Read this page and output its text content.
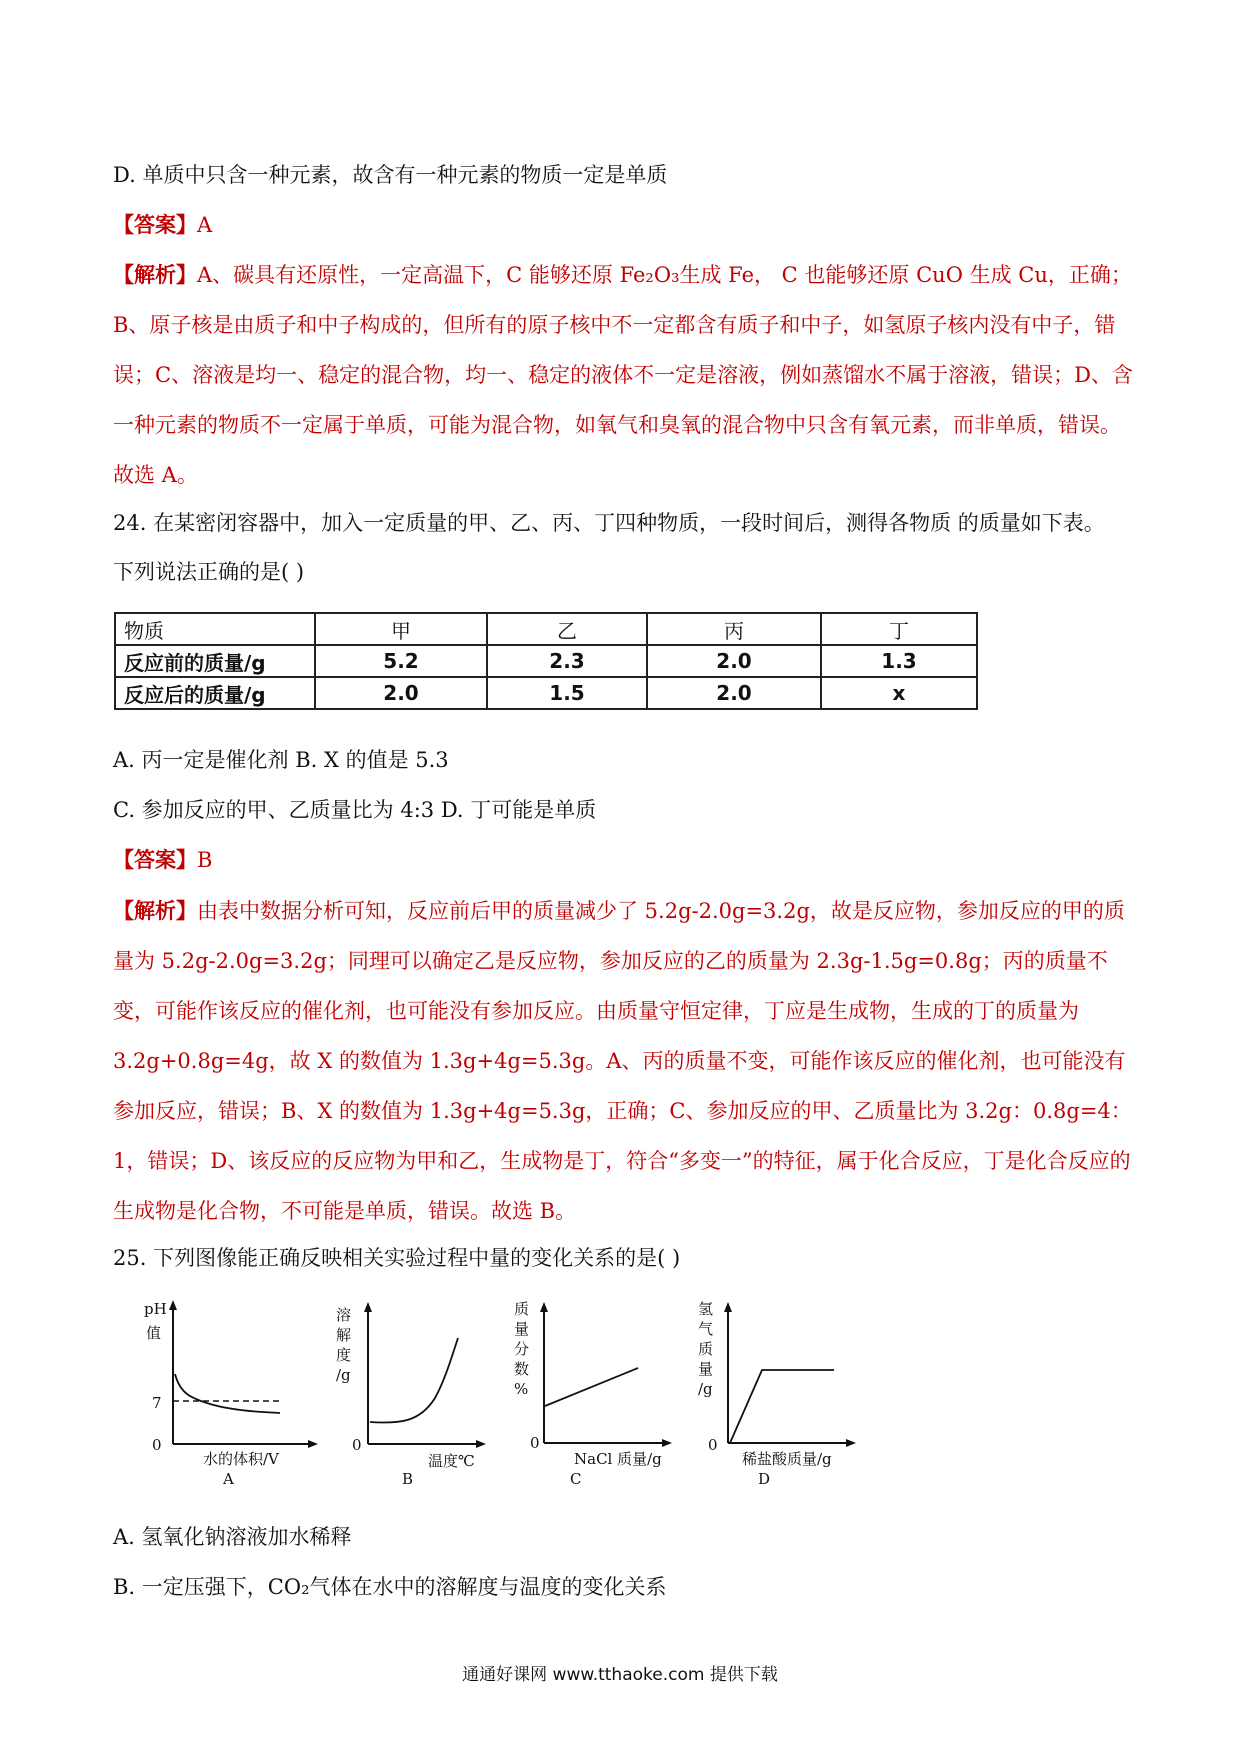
D. 单质中只含一种元素，故含有一种元素的物质一定是单质
【答案】A
【解析】A、碳具有还原性，一定高温下，C 能够还原 Fe₂O₃生成 Fe， C 也能够还原 CuO 生成 Cu，正确；B、原子核是由质子和中子构成的，但所有的原子核中不一定都含有质子和中子，如氢原子核内没有中子，错误；C、溶液是均一、稳定的混合物，均一、稳定的液体不一定是溶液，例如蒸馏水不属于溶液，错误；D、含一种元素的物质不一定属于单质，可能为混合物，如氧气和臭氧的混合物中只含有氧元素，而非单质，错误。故选 A。
24. 在某密闭容器中，加入一定质量的甲、乙、丙、丁四种物质，一段时间后，测得各物质 的质量如下表。
下列说法正确的是( )
物质	甲	乙	丙	丁
反应前的质量/g	5.2	2.3	2.0	1.3
反应后的质量/g	2.0	1.5	2.0	x
A. 丙一定是催化剂 B. X 的值是 5.3
C. 参加反应的甲、乙质量比为 4:3 D. 丁可能是单质
【答案】B
【解析】由表中数据分析可知，反应前后甲的质量减少了 5.2g-2.0g=3.2g，故是反应物，参加反应的甲的质量为 5.2g-2.0g=3.2g；同理可以确定乙是反应物，参加反应的乙的质量为 2.3g-1.5g=0.8g；丙的质量不变，可能作该反应的催化剂，也可能没有参加反应。由质量守恒定律，丁应是生成物，生成的丁的质量为 3.2g+0.8g=4g，故 X 的数值为 1.3g+4g=5.3g。A、丙的质量不变，可能作该反应的催化剂，也可能没有参加反应，错误；B、X 的数值为 1.3g+4g=5.3g，正确；C、参加反应的甲、乙质量比为 3.2g：0.8g=4：1，错误；D、该反应的反应物为甲和乙，生成物是丁，符合“多变一”的特征，属于化合反应，丁是化合反应的生成物是化合物，不可能是单质，错误。故选 B。
25. 下列图像能正确反映相关实验过程中量的变化关系的是( )
pH
值
7
0
水的体积/V
A
溶
解
度
/g
0
温度℃
B
质
量
分
数
%
0
NaCl 质量/g
C
氢
气
质
量
/g
0
稀盐酸质量/g
D
A. 氢氧化钠溶液加水稀释
B. 一定压强下，CO₂气体在水中的溶解度与温度的变化关系
通通好课网 www.tthaoke.com 提供下载
